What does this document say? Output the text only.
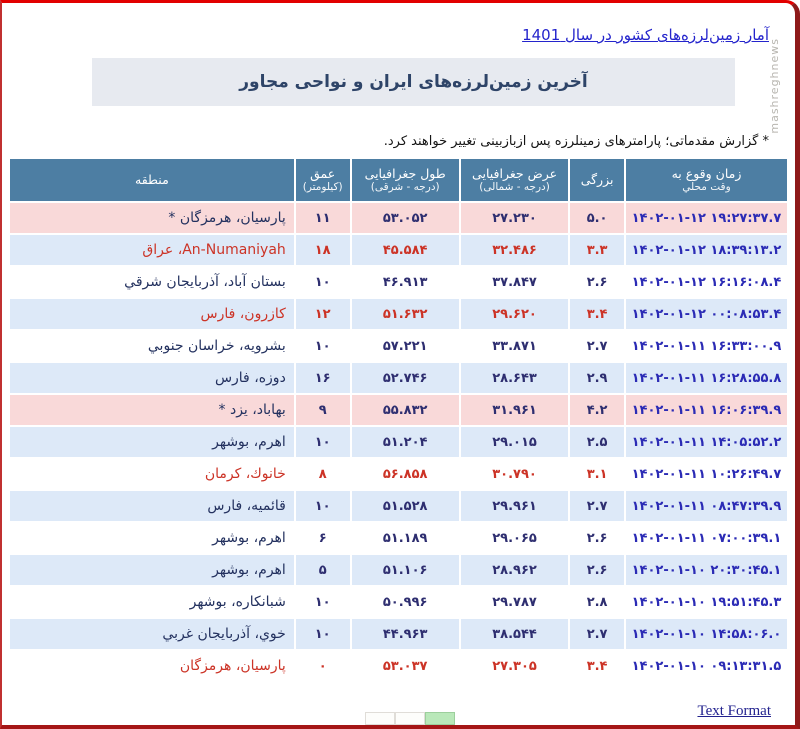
آمار زمین‌لرزه‌های کشور در سال 1401
آخرین زمین‌لرزه‌های ایران و نواحی مجاور
* گزارش مقدماتی؛ پارامترهای زمینلرزه پس ازبازبینی تغییر خواهند کرد.
زمان وقوع به
وقت محلي

بزرگی

عرض جغرافیایی
(درجه - شمالی)

طول جغرافیایی
(درجه - شرقی)

عمق
(کیلومتر)

منطقه

۱۴۰۲-۰۱-۱۲ ۱۹:۲۷:۳۷.۷	۵.۰	۲۷.۲۳۰	۵۳.۰۵۲	۱۱	پارسيان، هرمزگان *
۱۴۰۲-۰۱-۱۲ ۱۸:۳۹:۱۳.۲	۳.۳	۳۲.۴۸۶	۴۵.۵۸۴	۱۸	An-Numaniyah، عراق
۱۴۰۲-۰۱-۱۲ ۱۶:۱۶:۰۸.۴	۲.۶	۳۷.۸۴۷	۴۶.۹۱۳	۱۰	بستان آباد، آذربايجان شرقي
۱۴۰۲-۰۱-۱۲ ۰۰:۰۸:۵۳.۴	۳.۴	۲۹.۶۲۰	۵۱.۶۳۲	۱۲	كازرون، فارس
۱۴۰۲-۰۱-۱۱ ۱۶:۳۳:۰۰.۹	۲.۷	۳۳.۸۷۱	۵۷.۲۲۱	۱۰	بشرويه، خراسان جنوبي
۱۴۰۲-۰۱-۱۱ ۱۶:۲۸:۵۵.۸	۲.۹	۲۸.۶۴۳	۵۲.۷۴۶	۱۶	دوزه، فارس
۱۴۰۲-۰۱-۱۱ ۱۶:۰۶:۳۹.۹	۴.۲	۳۱.۹۶۱	۵۵.۸۳۲	۹	بهاباد، يزد *
۱۴۰۲-۰۱-۱۱ ۱۴:۰۵:۵۲.۲	۲.۵	۲۹.۰۱۵	۵۱.۲۰۴	۱۰	اهرم، بوشهر
۱۴۰۲-۰۱-۱۱ ۱۰:۲۶:۴۹.۷	۳.۱	۳۰.۷۹۰	۵۶.۸۵۸	۸	خانوك، كرمان
۱۴۰۲-۰۱-۱۱ ۰۸:۴۷:۳۹.۹	۲.۷	۲۹.۹۶۱	۵۱.۵۲۸	۱۰	قائميه، فارس
۱۴۰۲-۰۱-۱۱ ۰۷:۰۰:۳۹.۱	۲.۶	۲۹.۰۶۵	۵۱.۱۸۹	۶	اهرم، بوشهر
۱۴۰۲-۰۱-۱۰ ۲۰:۳۰:۴۵.۱	۲.۶	۲۸.۹۶۲	۵۱.۱۰۶	۵	اهرم، بوشهر
۱۴۰۲-۰۱-۱۰ ۱۹:۵۱:۴۵.۳	۲.۸	۲۹.۷۸۷	۵۰.۹۹۶	۱۰	شبانكاره، بوشهر
۱۴۰۲-۰۱-۱۰ ۱۴:۵۸:۰۶.۰	۲.۷	۳۸.۵۴۴	۴۴.۹۶۳	۱۰	خوي، آذربايجان غربي
۱۴۰۲-۰۱-۱۰ ۰۹:۱۳:۳۱.۵	۳.۴	۲۷.۳۰۵	۵۳.۰۳۷	۰	پارسيان، هرمزگان
Text Format
mashreghnews
